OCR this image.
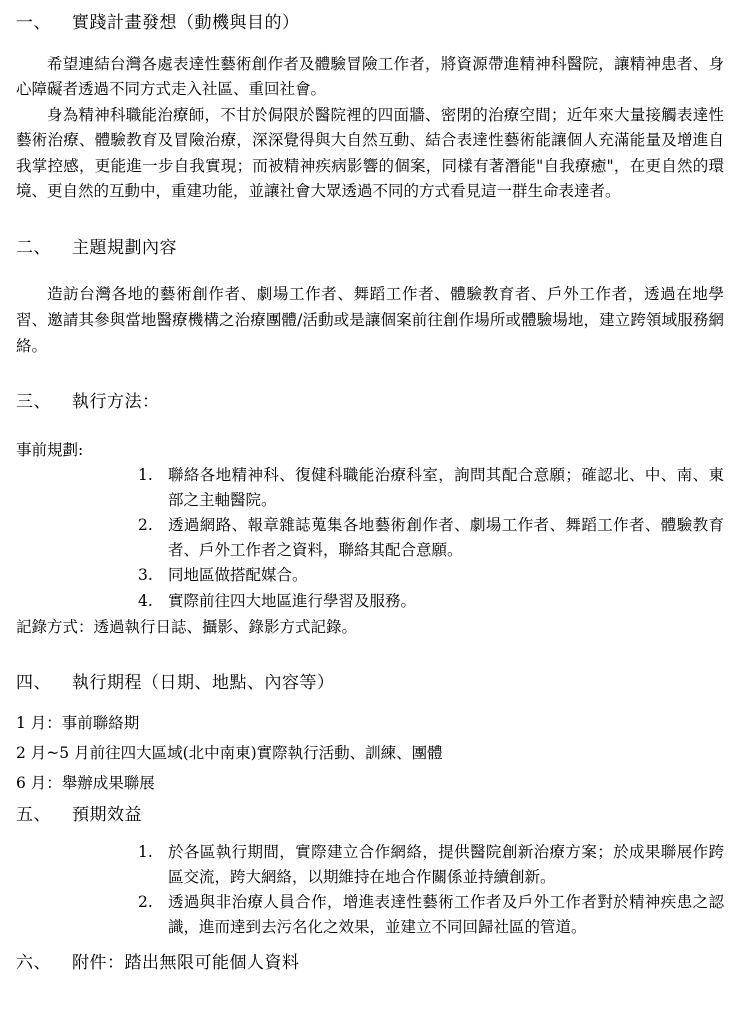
一、 實踐計畫發想（動機與目的）

希望連結台灣各處表達性藝術創作者及體驗冒險工作者，將資源帶進精神科醫院，讓精神患者、身心障礙者透過不同方式走入社區、重回社會。

身為精神科職能治療師，不甘於侷限於醫院裡的四面牆、密閉的治療空間；近年來大量接觸表達性藝術治療、體驗教育及冒險治療，深深覺得與大自然互動、結合表達性藝術能讓個人充滿能量及增進自我掌控感，更能進一步自我實現；而被精神疾病影響的個案，同樣有著潛能"自我療癒"，在更自然的環境、更自然的互動中，重建功能，並讓社會大眾透過不同的方式看見這一群生命表達者。

二、 主題規劃內容

造訪台灣各地的藝術創作者、劇場工作者、舞蹈工作者、體驗教育者、戶外工作者，透過在地學習、邀請其參與當地醫療機構之治療團體/活動或是讓個案前往創作場所或體驗場地，建立跨領域服務網絡。

三、 執行方法：

事前規劃:

1. 聯絡各地精神科、復健科職能治療科室，詢問其配合意願；確認北、中、南、東部之主軸醫院。
2. 透過網路、報章雜誌蒐集各地藝術創作者、劇場工作者、舞蹈工作者、體驗教育者、戶外工作者之資料，聯絡其配合意願。
3. 同地區做搭配媒合。
4. 實際前往四大地區進行學習及服務。

記錄方式：透過執行日誌、攝影、錄影方式記錄。

四、 執行期程（日期、地點、內容等）

1 月：事前聯絡期

2 月~5 月前往四大區域(北中南東)實際執行活動、訓練、團體

6 月：舉辦成果聯展

五、 預期效益
1. 於各區執行期間，實際建立合作網絡，提供醫院創新治療方案；於成果聯展作跨區交流，跨大網絡，以期維持在地合作關係並持續創新。
2. 透過與非治療人員合作，增進表達性藝術工作者及戶外工作者對於精神疾患之認識，進而達到去污名化之效果，並建立不同回歸社區的管道。
六、 附件：踏出無限可能個人資料
